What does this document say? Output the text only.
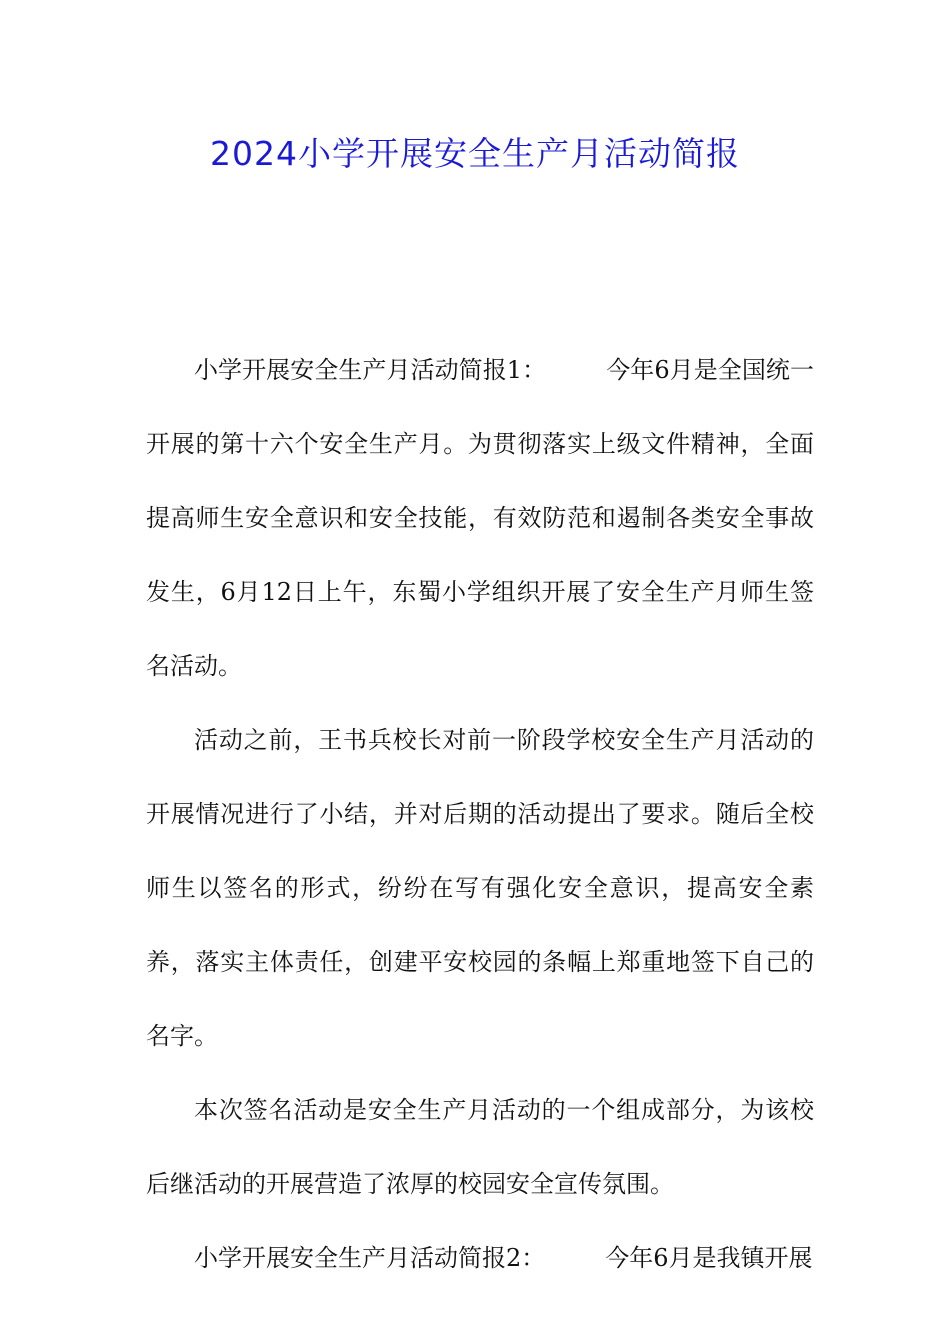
2024小学开展安全生产月活动简报

小学开展安全生产月活动简报1：	今年6月是全国统一开展的第十六个安全生产月。为贯彻落实上级文件精神，全面提高师生安全意识和安全技能，有效防范和遏制各类安全事故发生，6月12日上午，东蜀小学组织开展了安全生产月师生签名活动。

活动之前，王书兵校长对前一阶段学校安全生产月活动的开展情况进行了小结，并对后期的活动提出了要求。随后全校师生以签名的形式，纷纷在写有强化安全意识，提高安全素养，落实主体责任，创建平安校园的条幅上郑重地签下自己的名字。

本次签名活动是安全生产月活动的一个组成部分，为该校后继活动的开展营造了浓厚的校园安全宣传氛围。

小学开展安全生产月活动简报2：	今年6月是我镇开展
